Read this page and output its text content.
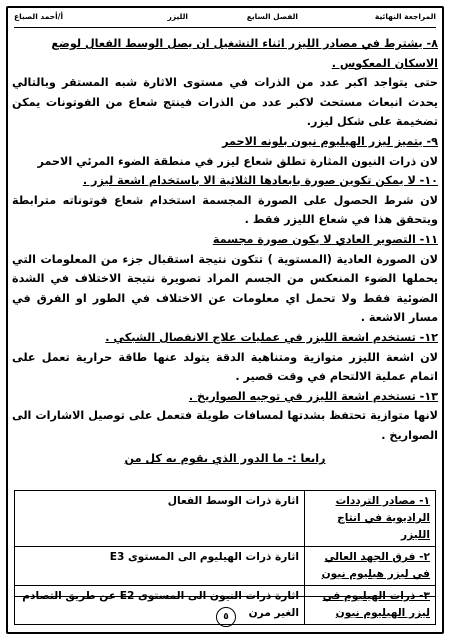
المراجعة النهائية
الفصل السابع
الليزر
أ/أحمد الصباع

٨- يشترط في مصادر الليزر اثناء التشغيل ان يصل الوسط الفعال لوضع الاسكان المعكوس .

حتى يتواجد اكبر عدد من الذرات في مستوى الاثارة شبه المستقر وبالتالي يحدث انبعاث مستحث لاكبر عدد من الذرات فينتج شعاع من الفوتونات يمكن تضخيمة على شكل ليزر.

٩- يتميز ليزر الهيليوم نيون بلونه الاحمر

لان ذرات النيون المثارة تطلق شعاع ليزر في منطقة الضوء المرئي الاحمر

١٠- لا يمكن تكوين صورة بابعادها الثلاثية الا باستخدام اشعة ليزر .

لان شرط الحصول على الصورة المجسمة استخدام شعاع فوتوناته مترابطة ويتحقق هذا في شعاع الليزر فقط .

١١- التصوير العادي لا يكون صورة مجسمة

لان الصورة العادية (المستوية ) تتكون نتيجة استقبال جزء من المعلومات التي يحملها الضوء المنعكس من الجسم المراد تصويرة نتيجة الاختلاف في الشدة الضوئية فقط ولا تحمل اي معلومات عن الاختلاف في الطور او الفرق في مسار الاشعة .

١٢- تستخدم اشعة الليزر في عمليات علاج الانفصال الشبكي .

لان اشعة الليزر متوازية ومتناهية الدقة يتولد عنها طاقة حرارية تعمل على اتمام عملية الالتحام في وقت قصير .

١٣- تستخدم اشعة الليزر في توجيه الصواريخ .

لانها متوازية تحتفظ بشدتها لمسافات طويلة فتعمل على توصيل الاشارات الى الصواريخ .

رابعا :- ما الدور الذي يقوم به كل من

١- مصادر الترددات الراديوية في انتاج الليزر	اثارة ذرات الوسط الفعال
٢- فرق الجهد العالي في ليزر هيليوم نيون	اثارة ذرات الهيليوم الى المستوى E3
٣- ذرات الهيليوم في ليزر الهيليوم نيون	اثارة ذرات النيون الى المستوى E2 عن طريق التصادم الغير مرن
٥
